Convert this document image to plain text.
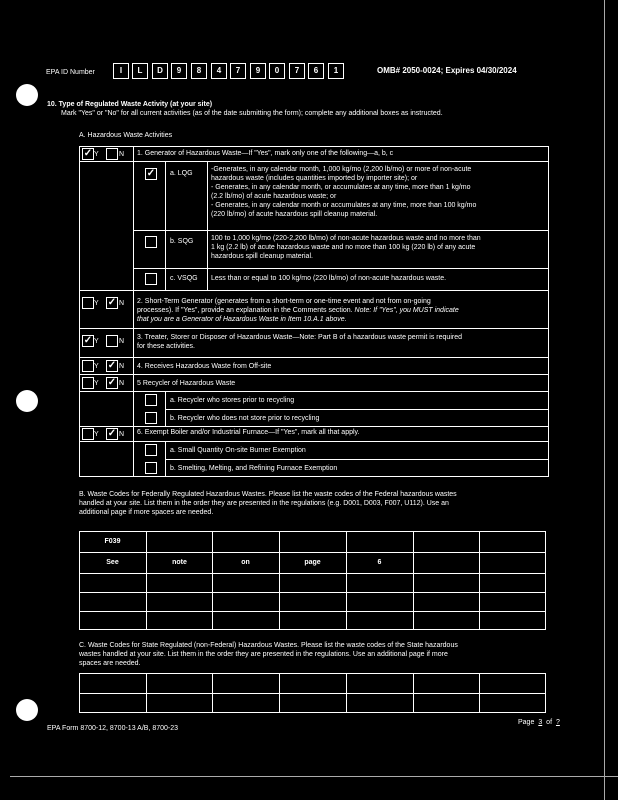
EPA ID Number	I	L	D	9	8	4	7	9	0	7	6	1	OMB# 2050-0024; Expires 04/30/2024
10. Type of Regulated Waste Activity (at your site)
Mark "Yes" or "No" for all current activities (as of the date submitting the form); complete any additional boxes as instructed.
A. Hazardous Waste Activities
✓ Y	N 1. Generator of Hazardous Waste—If "Yes", mark only one of the following—a, b, c
✓ a. LQG
-Generates, in any calendar month, 1,000 kg/mo (2,200 lb/mo) or more of non-acute
hazardous waste (includes quantities imported by importer site); or
- Generates, in any calendar month, or accumulates at any time, more than 1 kg/mo
(2.2 lb/mo) of acute hazardous waste; or
- Generates, in any calendar month or accumulates at any time, more than 100 kg/mo
(220 lb/mo) of acute hazardous spill cleanup material.
b. SQG	100 to 1,000 kg/mo (220-2,200 lb/mo) of non-acute hazardous waste and no more than
1 kg (2.2 lb) of acute hazardous waste and no more than 100 kg (220 lb) of any acute
hazardous spill cleanup material.
c. VSQG Less than or equal to 100 kg/mo (220 lb/mo) of non-acute hazardous waste.
Y ✓ N 2. Short-Term Generator (generates from a short-term or one-time event and not from on-going
processes). If "Yes", provide an explanation in the Comments section. Note: If "Yes", you MUST indicate
that you are a Generator of Hazardous Waste in Item 10.A.1 above.
✓ Y	N
3. Treater, Storer or Disposer of Hazardous Waste—Note: Part B of a hazardous waste permit is required
for these activities.
Y ✓ N 4. Receives Hazardous Waste from Off-site
Y ✓ N 5 Recycler of Hazardous Waste
a. Recycler who stores prior to recycling
b. Recycler who does not store prior to recycling
Y ✓ N 6. Exempt Boiler and/or Industrial Furnace—If "Yes", mark all that apply.
a. Small Quantity On-site Burner Exemption
b. Smelting, Melting, and Refining Furnace Exemption
B. Waste Codes for Federally Regulated Hazardous Wastes. Please list the waste codes of the Federal hazardous wastes
handled at your site. List them in the order they are presented in the regulations (e.g. D001, D003, F007, U112). Use an
additional page if more spaces are needed.
F039
See	note	on	page	6
C. Waste Codes for State Regulated (non-Federal) Hazardous Wastes. Please list the waste codes of the State hazardous
wastes handled at your site. List them in the order they are presented in the regulations. Use an additional page if more
spaces are needed.
EPA Form 8700-12, 8700-13 A/B, 8700-23
Page 3 of ?
